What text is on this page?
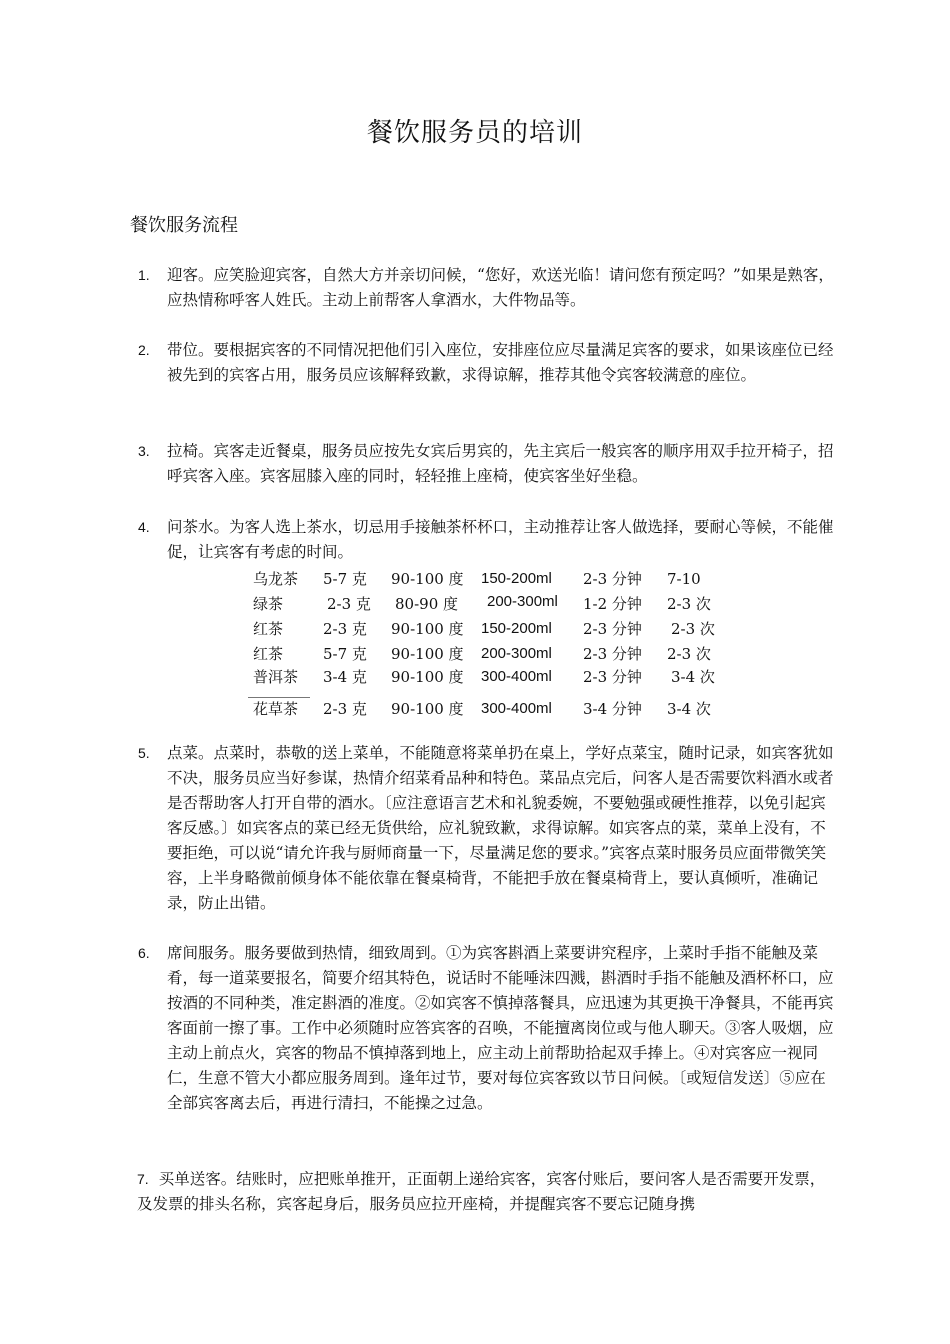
餐饮服务员的培训
餐饮服务流程
1. 迎客。应笑脸迎宾客，自然大方并亲切问候，“您好，欢送光临！请问您有预定吗？”如果是熟客，应热情称呼客人姓氏。主动上前帮客人拿酒水，大件物品等。
2. 带位。要根据宾客的不同情况把他们引入座位，安排座位应尽量满足宾客的要求，如果该座位已经被先到的宾客占用，服务员应该解释致歉，求得谅解，推荐其他令宾客较满意的座位。
3. 拉椅。宾客走近餐桌，服务员应按先女宾后男宾的，先主宾后一般宾客的顺序用双手拉开椅子，招呼宾客入座。宾客屈膝入座的同时，轻轻推上座椅，使宾客坐好坐稳。
4. 问茶水。为客人选上茶水，切忌用手接触茶杯杯口，主动推荐让客人做选择，要耐心等候，不能催促，让宾客有考虑的时间。
乌龙茶 5-7 克 90-100 度 150-200ml 2-3 分钟 7-10
绿茶	2-3 克 80-90 度 200-300ml 1-2 分钟 2-3 次
红茶	2-3 克 90-100 度 150-200ml 2-3 分钟 2-3 次
红茶	5-7 克 90-100 度 200-300ml 2-3 分钟 2-3 次
普洱茶 3-4 克 90-100 度 300-400ml 2-3 分钟 3-4 次
花草茶 2-3 克 90-100 度 300-400ml 3-4 分钟 3-4 次
5. 点菜。点菜时，恭敬的送上菜单，不能随意将菜单扔在桌上，学好点菜宝，随时记录，如宾客犹如不决，服务员应当好参谋，热情介绍菜肴品种和特色。菜品点完后，问客人是否需要饮料酒水或者是否帮助客人打开自带的酒水。〔应注意语言艺术和礼貌委婉，不要勉强或硬性推荐，以免引起宾客反感。〕如宾客点的菜已经无货供给，应礼貌致歉，求得谅解。如宾客点的菜，菜单上没有，不要拒绝，可以说“请允许我与厨师商量一下，尽量满足您的要求。”宾客点菜时服务员应面带微笑笑容，上半身略微前倾身体不能依靠在餐桌椅背，不能把手放在餐桌椅背上，要认真倾听，准确记录，防止出错。
6. 席间服务。服务要做到热情，细致周到。①为宾客斟酒上菜要讲究程序，上菜时手指不能触及菜肴，每一道菜要报名，简要介绍其特色，说话时不能唾沫四溅，斟酒时手指不能触及酒杯杯口，应按酒的不同种类，准定斟酒的准度。②如宾客不慎掉落餐具，应迅速为其更换干净餐具，不能再宾客面前一擦了事。工作中必须随时应答宾客的召唤，不能擅离岗位或与他人聊天。③客人吸烟，应主动上前点火，宾客的物品不慎掉落到地上，应主动上前帮助拾起双手捧上。④对宾客应一视同仁，生意不管大小都应服务周到。逢年过节，要对每位宾客致以节日问候。〔或短信发送〕⑤应在全部宾客离去后，再进行清扫，不能操之过急。
7. 买单送客。结账时，应把账单推开，正面朝上递给宾客，宾客付账后，要问客人是否需要开发票，及发票的排头名称，宾客起身后，服务员应拉开座椅，并提醒宾客不要忘记随身携
